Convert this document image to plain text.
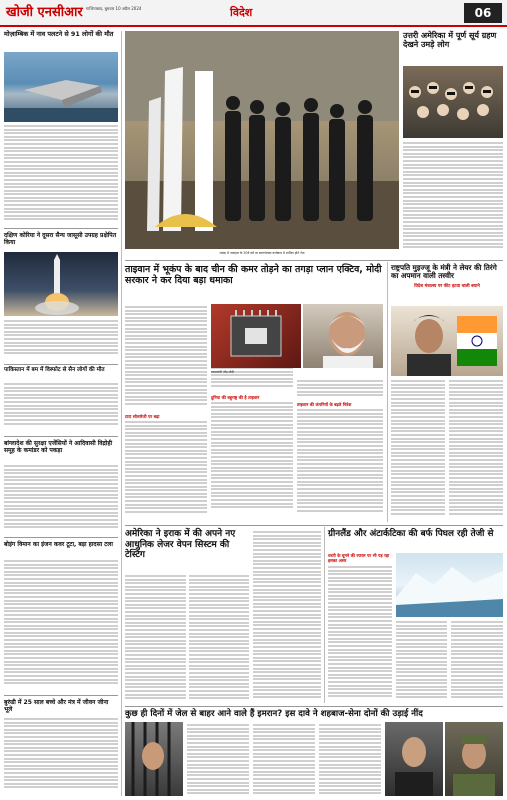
खोजी एनसीआर गाजियाबाद, बुधवार 10 अप्रैल 2024	विदेश	06
मोज़ाम्बिक में नाव पलटने से 91 लोगों की मौत
दक्षिण कोरिया ने दूसरा सैन्य जासूसी उपग्रह प्रक्षेपित किया
पाकिस्तान में बम में विस्फोट से सैन लोगों की मौत
बांग्लादेश की सुरक्षा एजेंसियों ने आदिवासी विद्रोही समूह के कमांडर को पकड़ा
बोइंग विमान का इंजन कवर टूटा, बड़ा हादसा टला
बुरुंडी में 25 साल बच्चे और मंत्र में जीवन जीना भूले
रवांडा में नरसंहार के 30वें वर्ष पर स्मरणोत्सव कार्यक्रम में शामिल होते नेता
उत्तरी अमेरिका में पूर्ण सूर्य ग्रहण देखने उमड़े लोग
ताइवान में भूकंप के बाद चीन की कमर तोड़ने का तगड़ा प्लान एक्टिव, मोदी सरकार ने कर दिया बड़ा धमाका
टाटा सोलारेजी पर बढ़ा
दुनिया की बहुराष्ट्र की है ताइवान
प्रधानमंत्री नरेंद्र मोदी
ताइवान की कंपनियों के बढ़ते निवेश
राष्ट्रपति मुइज्जू के मंत्री ने लेयर की तिरंगे का अपमान वाली तस्वीर
विदेश मंत्रालय पर फीट हटवा चाली बयाने
अमेरिका ने इराक में की अपने नए आधुनिक लेजर वेपन सिस्टम की टेस्टिंग
ग्रीनलैंड और अंटार्कटिका की बर्फ पिघल रही तेजी से
धरती के घूमने की रफ्तार पर भी पड़ रहा इसका असर
कुछ ही दिनों में जेल से बाहर आने वाले हैं इमरान? इस दावे ने शहबाज-सेना दोनों की उड़ाई नींद
